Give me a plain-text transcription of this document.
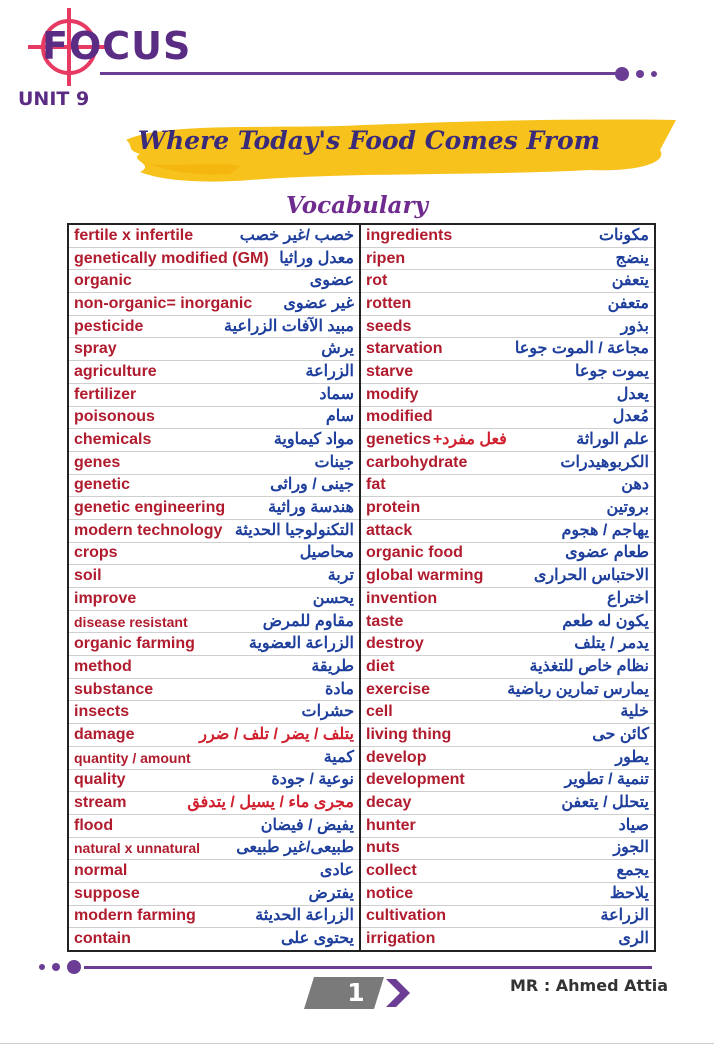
FOCUS
UNIT 9
Where Today's Food Comes From
Vocabulary
fertile x infertile	خصب /غير خصب	ingredients	مكونات
genetically modified (GM)	معدل وراثيا	ripen	ينضج
organic	عضوى	rot	يتعفن
non-organic= inorganic	غير عضوى	rotten	متعفن
pesticide	مبيد الآفات الزراعية	seeds	بذور
spray	يرش	starvation	مجاعة / الموت جوعا
agriculture	الزراعة	starve	يموت جوعا
fertilizer	سماد	modify	يعدل
poisonous	سام	modified	مُعدل
chemicals	مواد كيماوية	genetics +فعل مفرد	علم الوراثة
genes	جينات	carbohydrate	الكربوهيدرات
genetic	جينى / وراثى	fat	دهن
genetic engineering	هندسة وراثية	protein	بروتين
modern technology	التكنولوجيا الحديثة	attack	يهاجم / هجوم
crops	محاصيل	organic food	طعام عضوى
soil	تربة	global warming	الاحتباس الحرارى
improve	يحسن	invention	اختراع
disease resistant	مقاوم للمرض	taste	يكون له طعم
organic farming	الزراعة العضوية	destroy	يدمر / يتلف
method	طريقة	diet	نظام خاص للتغذية
substance	مادة	exercise	يمارس تمارين رياضية
insects	حشرات	cell	خلية
damage	يتلف / يضر / تلف / ضرر	living thing	كائن حى
quantity / amount	كمية	develop	يطور
quality	نوعية / جودة	development	تنمية / تطوير
stream	مجرى ماء / يسيل / يتدفق	decay	يتحلل / يتعفن
flood	يفيض / فيضان	hunter	صياد
natural x unnatural	طبيعى/غير طبيعى	nuts	الجوز
normal	عادى	collect	يجمع
suppose	يفترض	notice	يلاحظ
modern farming	الزراعة الحديثة	cultivation	الزراعة
contain	يحتوى على	irrigation	الرى
1	MR : Ahmed Attia
